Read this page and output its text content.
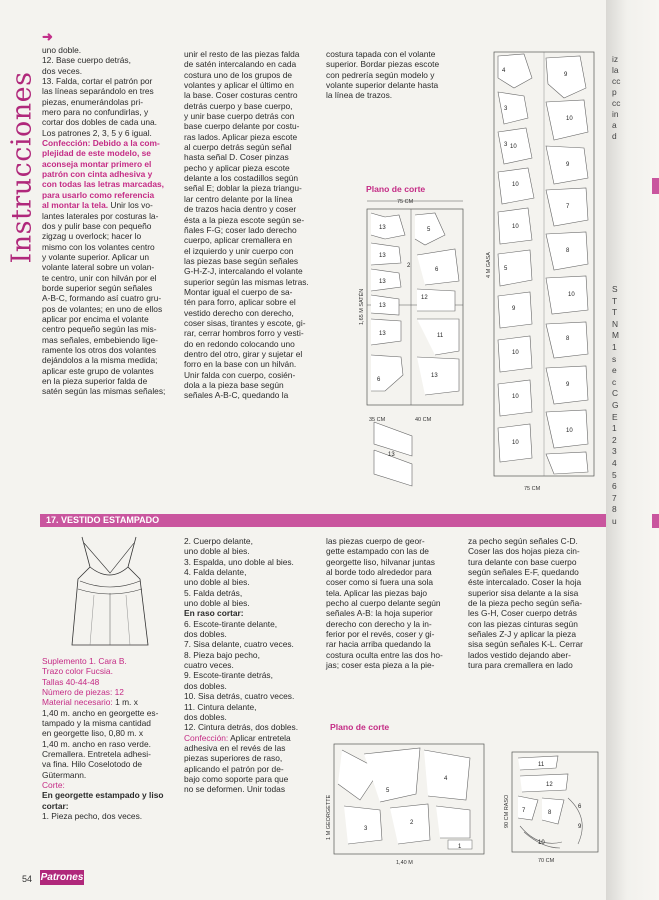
Instrucciones
➜

uno doble.

12. Base cuerpo detrás,

dos veces.

13. Falda, cortar el patrón por

las líneas separándolo en tres

piezas, enumerándolas pri-

mero para no confundirlas, y

cortar dos dobles de cada una.

Los patrones 2, 3, 5 y 6 igual.

Confección: Debido a la com-

plejidad de este modelo, se

aconseja montar primero el

patrón con cinta adhesiva y

con todas las letras marcadas,

para usarlo como referencia

al montar la tela. Unir los vo-

lantes laterales por costuras la-

dos y pulir base con pequeño

zigzag u overlock; hacer lo

mismo con los volantes centro

y volante superior. Aplicar un

volante lateral sobre un volan-

te centro, unir con hilván por el

borde superior según señales

A-B-C, formando así cuatro gru-

pos de volantes; en uno de ellos

aplicar por encima el volante

centro pequeño según las mis-

mas señales, embebiendo lige-

ramente los otros dos volantes

dejándolos a la misma medida;

aplicar este grupo de volantes

en la pieza superior falda de

satén según las mismas señales;

unir el resto de las piezas falda

de satén intercalando en cada

costura uno de los grupos de

volantes y aplicar el último en

la base. Coser costuras centro

detrás cuerpo y base cuerpo,

y unir base cuerpo detrás con

base cuerpo delante por costu-

ras lados. Aplicar pieza escote

al cuerpo detrás según señal

hasta señal D. Coser pinzas

pecho y aplicar pieza escote

delante a los costadillos según

señal E; doblar la pieza triangu-

lar centro delante por la línea

de trazos hacia dentro y coser

ésta a la pieza escote según se-

ñales F-G; coser lado derecho

cuerpo, aplicar cremallera en

el izquierdo y unir cuerpo con

las piezas base según señales

G-H-Z-J, intercalando el volante

superior según las mismas letras.

Montar igual el cuerpo de sa-

tén para forro, aplicar sobre el

vestido derecho con derecho,

coser sisas, tirantes y escote, gi-

rar, cerrar hombros forro y vesti-

do en redondo colocando uno

dentro del otro, girar y sujetar el

forro en la base con un hilván.

Unir falda con cuerpo, cosién-

dola a la pieza base según

señales A-B-C, quedando la

costura tapada con el volante

superior. Bordar piezas escote

con pedrería según modelo y

volante superior delante hasta

la línea de trazos.

Plano de corte
75 CM
1,65 M SATÉN
35 CM	40 CM
13	5
13
2
13
6
13
12
13	11
6
13
13
4 M GASA
75 CM
4
9
3
10
10
3
9
10
7
10
8
5
10
9
8
10
9
10
10
10
17. VESTIDO ESTAMPADO

Suplemento 1. Cara B.

Trazo color Fucsia.

Tallas 40-44-48

Número de piezas: 12

Material necesario: 1 m. x

1,40 m. ancho en georgette es-

tampado y la misma cantidad

en georgette liso, 0,80 m. x

1,40 m. ancho en raso verde.

Cremallera. Entretela adhesi-

va fina. Hilo Coselotodo de

Gütermann.

Corte:

En georgette estampado y liso

cortar:

1. Pieza pecho, dos veces.

2. Cuerpo delante,

uno doble al bies.

3. Espalda, uno doble al bies.

4. Falda delante,

uno doble al bies.

5. Falda detrás,

uno doble al bies.

En raso cortar:

6. Escote-tirante delante,

dos dobles.

7. Sisa delante, cuatro veces.

8. Pieza bajo pecho,

cuatro veces.

9. Escote-tirante detrás,

dos dobles.

10. Sisa detrás, cuatro veces.

11. Cintura delante,

dos dobles.

12. Cintura detrás, dos dobles.

Confección: Aplicar entretela

adhesiva en el revés de las

piezas superiores de raso,

aplicando el patrón por de-

bajo como soporte para que

no se deformen. Unir todas

las piezas cuerpo de geor-

gette estampado con las de

georgette liso, hilvanar juntas

al borde todo alrededor para

coser como si fuera una sola

tela. Aplicar las piezas bajo

pecho al cuerpo delante según

señales A-B: la hoja superior

derecho con derecho y la in-

ferior por el revés, coser y gi-

rar hacia arriba quedando la

costura oculta entre las dos ho-

jas; coser esta pieza a la pie-

za pecho según señales C-D.

Coser las dos hojas pieza cin-

tura delante con base cuerpo

según señales E-F, quedando

éste intercalado. Coser la hoja

superior sisa delante a la sisa

de la pieza pecho según seña-

les G-H, Coser cuerpo detrás

con las piezas cinturas según

señales Z-J y aplicar la pieza

sisa según señales K-L. Cerrar

lados vestido dejando aber-

tura para cremallera en lado

Plano de corte
1 M GEORGETTE
1,40 M
5
4
2
3
1
90 CM RASO
70 CM
11
12
7	8
9
10
6
54 Patrones
iz
la
cc
p
cc
in
a
d
S
T
T
N
M
1
s
e
c
C
G
E
1
2
3
4
5
6
7
8
u
